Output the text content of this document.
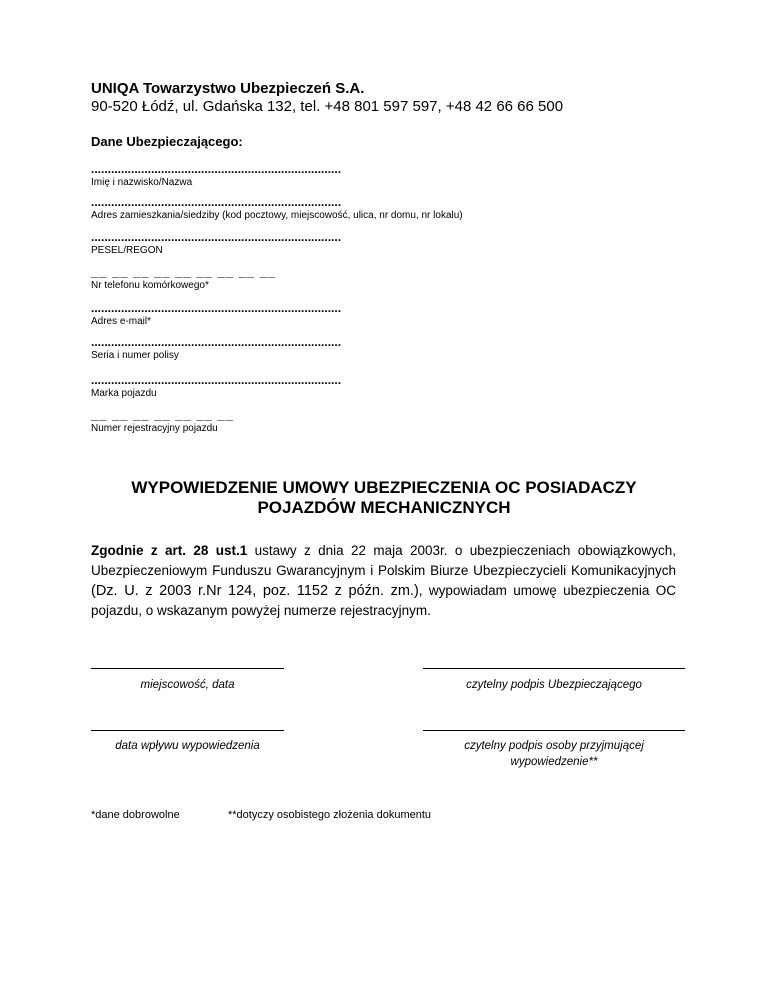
UNIQA Towarzystwo Ubezpieczeń S.A.
90-520 Łódź, ul. Gdańska 132, tel. +48 801 597 597, +48 42 66 66 500
Dane Ubezpieczającego:
...........................................................................
Imię i nazwisko/Nazwa
...........................................................................
Adres zamieszkania/siedziby (kod pocztowy, miejscowość, ulica, nr domu, nr lokalu)
...........................................................................
PESEL/REGON
__ __ __ __ __ __ __ __ __
Nr telefonu komórkowego*
...........................................................................
Adres e-mail*
...........................................................................
Seria i numer polisy
...........................................................................
Marka pojazdu
__ __ __ __ __ __ __
Numer rejestracyjny pojazdu
WYPOWIEDZENIE UMOWY UBEZPIECZENIA OC POSIADACZY
POJAZDÓW MECHANICZNYCH
Zgodnie z art. 28 ust.1 ustawy z dnia 22 maja 2003r. o ubezpieczeniach obowiązkowych, Ubezpieczeniowym Funduszu Gwarancyjnym i Polskim Biurze Ubezpieczycieli Komunikacyjnych (Dz. U. z 2003 r.Nr 124, poz. 1152 z późn. zm.), wypowiadam umowę ubezpieczenia OC pojazdu, o wskazanym powyżej numerze rejestracyjnym.
miejscowość, data	czytelny podpis Ubezpieczającego
data wpływu wypowiedzenia	czytelny podpis osoby przyjmującej wypowiedzenie**
*dane dobrowolne	**dotyczy osobistego złożenia dokumentu
